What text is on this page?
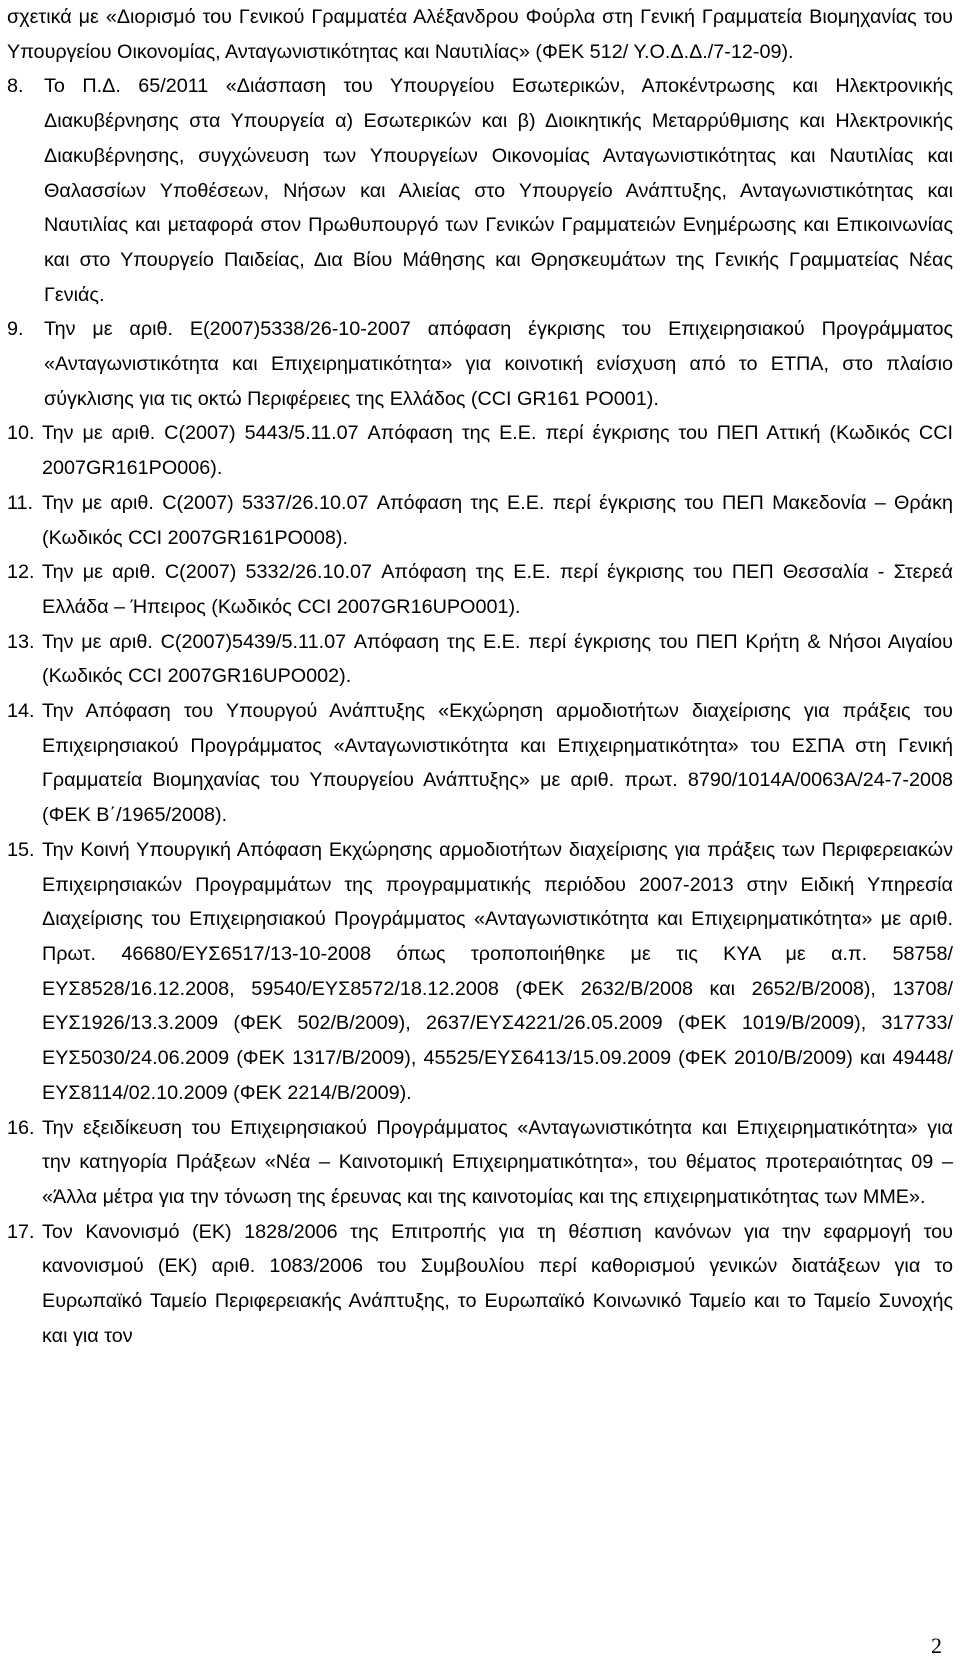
σχετικά με «Διορισμό του Γενικού Γραμματέα Αλέξανδρου Φούρλα στη Γενική Γραμματεία Βιομηχανίας του Υπουργείου Οικονομίας, Ανταγωνιστικότητας και Ναυτιλίας» (ΦΕΚ 512/ Υ.Ο.Δ.Δ./7-12-09).

8.	Το Π.Δ. 65/2011 «Διάσπαση του Υπουργείου Εσωτερικών, Αποκέντρωσης και Ηλεκτρονικής Διακυβέρνησης στα Υπουργεία α) Εσωτερικών και β) Διοικητικής Μεταρρύθμισης και Ηλεκτρονικής Διακυβέρνησης, συγχώνευση των Υπουργείων Οικονομίας Ανταγωνιστικότητας και Ναυτιλίας και Θαλασσίων Υποθέσεων, Νήσων και Αλιείας στο Υπουργείο Ανάπτυξης, Ανταγωνιστικότητας και Ναυτιλίας και μεταφορά στον Πρωθυπουργό των Γενικών Γραμματειών Ενημέρωσης και Επικοινωνίας και στο Υπουργείο Παιδείας, Δια Βίου Μάθησης και Θρησκευμάτων της Γενικής Γραμματείας Νέας Γενιάς.
9.	Την με αριθ. Ε(2007)5338/26-10-2007 απόφαση έγκρισης του Επιχειρησιακού Προγράμματος «Ανταγωνιστικότητα και Επιχειρηματικότητα» για κοινοτική ενίσχυση από το ΕΤΠΑ, στο πλαίσιο σύγκλισης για τις οκτώ Περιφέρειες της Ελλάδος (CCI GR161 PO001).
10. Την με αριθ. C(2007) 5443/5.11.07 Απόφαση της Ε.Ε. περί έγκρισης του ΠΕΠ Αττική (Κωδικός CCI 2007GR161PO006).
11. Την με αριθ. C(2007) 5337/26.10.07 Απόφαση της Ε.Ε. περί έγκρισης του ΠΕΠ Μακεδονία – Θράκη (Κωδικός CCI 2007GR161PO008).
12. Την με αριθ. C(2007) 5332/26.10.07 Απόφαση της Ε.Ε. περί έγκρισης του ΠΕΠ Θεσσαλία - Στερεά Ελλάδα – Ήπειρος (Κωδικός CCI 2007GR16UPO001).
13. Την με αριθ. C(2007)5439/5.11.07 Απόφαση της Ε.Ε. περί έγκρισης του ΠΕΠ Κρήτη & Νήσοι Αιγαίου (Κωδικός CCI 2007GR16UPO002).
14. Την Απόφαση του Υπουργού Ανάπτυξης «Εκχώρηση αρμοδιοτήτων διαχείρισης για πράξεις του Επιχειρησιακού Προγράμματος «Ανταγωνιστικότητα και Επιχειρηματικότητα» του ΕΣΠΑ στη Γενική Γραμματεία Βιομηχανίας του Υπουργείου Ανάπτυξης» με αριθ. πρωτ. 8790/1014Α/0063Α/24-7-2008 (ΦΕΚ Β΄/1965/2008).
15. Την Κοινή Υπουργική Απόφαση Εκχώρησης αρμοδιοτήτων διαχείρισης για πράξεις των Περιφερειακών Επιχειρησιακών Προγραμμάτων της προγραμματικής περιόδου 2007-2013 στην Ειδική Υπηρεσία Διαχείρισης του Επιχειρησιακού Προγράμματος «Ανταγωνιστικότητα και Επιχειρηματικότητα» με αριθ. Πρωτ. 46680/ΕΥΣ6517/13-10-2008 όπως τροποποιήθηκε με τις ΚΥΑ με α.π. 58758/ΕΥΣ8528/16.12.2008, 59540/ΕΥΣ8572/18.12.2008 (ΦΕΚ 2632/Β/2008 και 2652/Β/2008), 13708/ΕΥΣ1926/13.3.2009 (ΦΕΚ 502/Β/2009), 2637/ΕΥΣ4221/26.05.2009 (ΦΕΚ 1019/Β/2009), 317733/ΕΥΣ5030/24.06.2009 (ΦΕΚ 1317/Β/2009), 45525/ΕΥΣ6413/15.09.2009 (ΦΕΚ 2010/Β/2009) και 49448/ΕΥΣ8114/02.10.2009 (ΦΕΚ 2214/Β/2009).
16. Την εξειδίκευση του Επιχειρησιακού Προγράμματος «Ανταγωνιστικότητα και Επιχειρηματικότητα» για την κατηγορία Πράξεων «Νέα – Καινοτομική Επιχειρηματικότητα», του θέματος προτεραιότητας 09 – «Άλλα μέτρα για την τόνωση της έρευνας και της καινοτομίας και της επιχειρηματικότητας των ΜΜΕ».
17. Τον Κανονισμό (ΕΚ) 1828/2006 της Επιτροπής για τη θέσπιση κανόνων για την εφαρμογή του κανονισμού (ΕΚ) αριθ. 1083/2006 του Συμβουλίου περί καθορισμού γενικών διατάξεων για το Ευρωπαϊκό Ταμείο Περιφερειακής Ανάπτυξης, το Ευρωπαϊκό Κοινωνικό Ταμείο και το Ταμείο Συνοχής και για τον
2
